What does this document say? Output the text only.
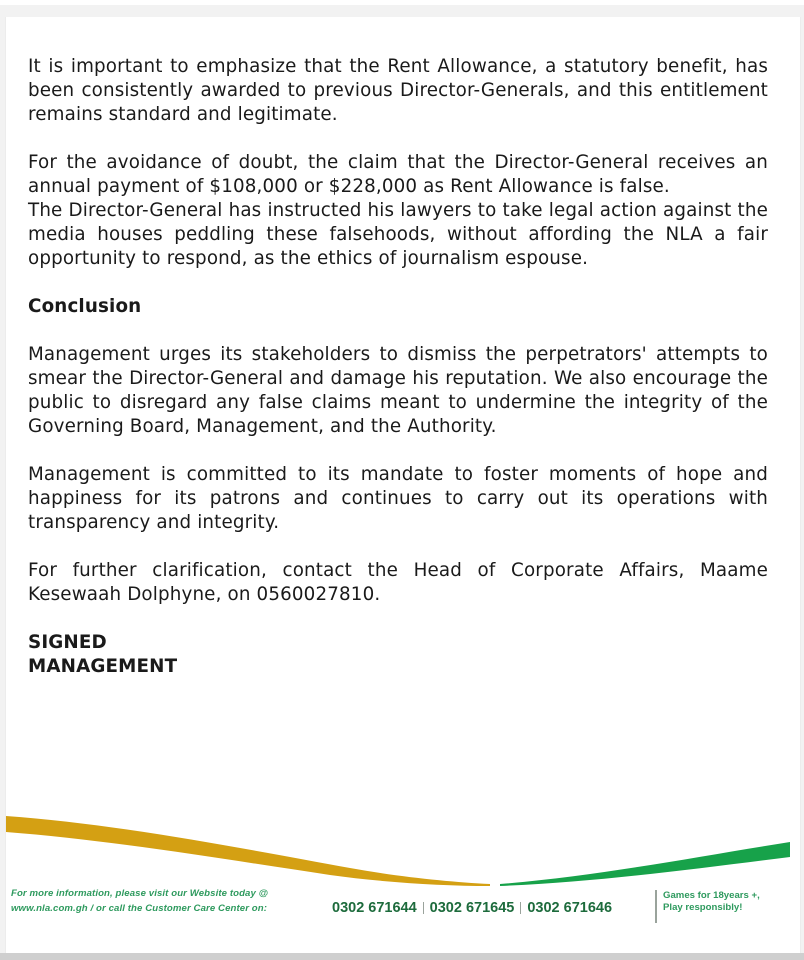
It is important to emphasize that the Rent Allowance, a statutory benefit, has been consistently awarded to previous Director-Generals, and this entitlement remains standard and legitimate.

For the avoidance of doubt, the claim that the Director-General receives an annual payment of $108,000 or $228,000 as Rent Allowance is false.

The Director-General has instructed his lawyers to take legal action against the media houses peddling these falsehoods, without affording the NLA a fair opportunity to respond, as the ethics of journalism espouse.

Conclusion

Management urges its stakeholders to dismiss the perpetrators' attempts to smear the Director-General and damage his reputation. We also encourage the public to disregard any false claims meant to undermine the integrity of the Governing Board, Management, and the Authority.

Management is committed to its mandate to foster moments of hope and happiness for its patrons and continues to carry out its operations with transparency and integrity.

For further clarification, contact the Head of Corporate Affairs, Maame Kesewaah Dolphyne, on 0560027810.

SIGNED

MANAGEMENT

For more information, please visit our Website today @
www.nla.com.gh / or call the Customer Care Center on:	0302 671644 0302 671645 0302 671646
Games for 18years +,
Play responsibly!
